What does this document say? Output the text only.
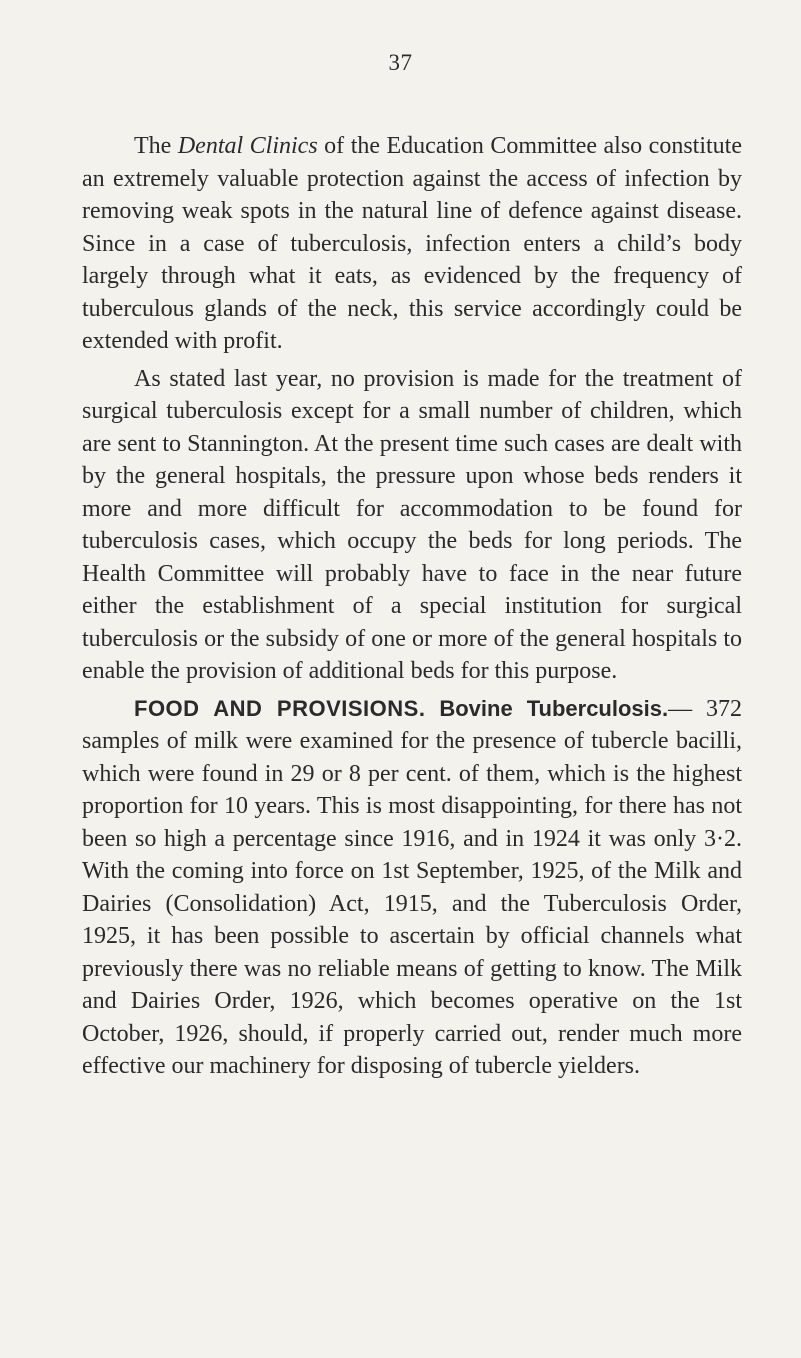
37

The Dental Clinics of the Education Committee also constitute an extremely valuable protection against the access of infection by removing weak spots in the natural line of defence against disease. Since in a case of tuberculosis, infection enters a child’s body largely through what it eats, as evidenced by the frequency of tuberculous glands of the neck, this service accordingly could be extended with profit.

As stated last year, no provision is made for the treatment of surgical tuberculosis except for a small number of children, which are sent to Stannington. At the present time such cases are dealt with by the general hospitals, the pressure upon whose beds renders it more and more difficult for accommodation to be found for tuberculosis cases, which occupy the beds for long periods. The Health Committee will probably have to face in the near future either the establishment of a special institution for surgical tuberculosis or the subsidy of one or more of the general hospitals to enable the provision of additional beds for this purpose.

FOOD AND PROVISIONS. Bovine Tuberculosis.— 372 samples of milk were examined for the presence of tubercle bacilli, which were found in 29 or 8 per cent. of them, which is the highest proportion for 10 years. This is most disappointing, for there has not been so high a percentage since 1916, and in 1924 it was only 3·2. With the coming into force on 1st September, 1925, of the Milk and Dairies (Consolidation) Act, 1915, and the Tuberculosis Order, 1925, it has been possible to ascertain by official channels what previously there was no reliable means of getting to know. The Milk and Dairies Order, 1926, which becomes operative on the 1st October, 1926, should, if properly carried out, render much more effective our machinery for disposing of tubercle yielders.
